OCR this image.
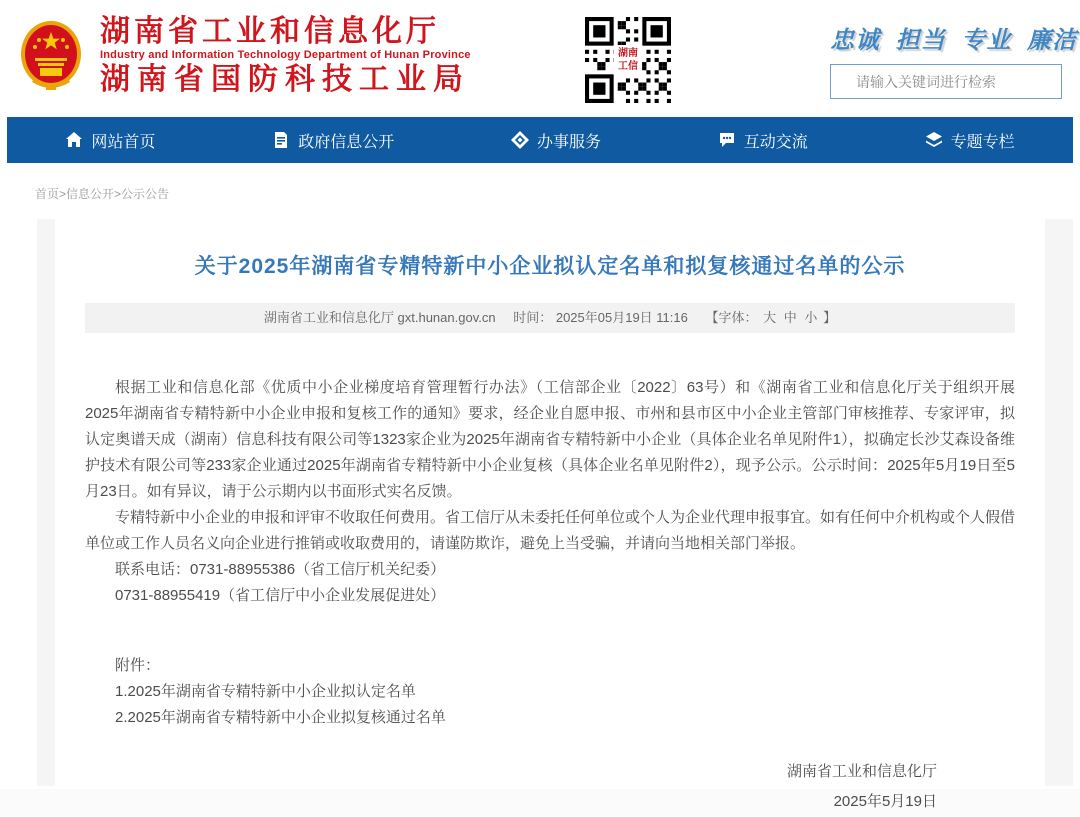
湖南省工业和信息化厅
Industry and Information Technology Department of Hunan Province
湖南省国防科技工业局
湖南工信
忠诚 担当 专业 廉洁
请输入关键词进行检索
网站首页	政府信息公开	办事服务	互动交流	专题专栏
首页>信息公开>公示公告
关于2025年湖南省专精特新中小企业拟认定名单和拟复核通过名单的公示
湖南省工业和信息化厅 gxt.hunan.gov.cn 时间： 2025年05月19日 11:16 【字体： 大 中 小 】

根据工业和信息化部《优质中小企业梯度培育管理暂行办法》（工信部企业〔2022〕63号）和《湖南省工业和信息化厅关于组织开展2025年湖南省专精特新中小企业申报和复核工作的通知》要求，经企业自愿申报、市州和县市区中小企业主管部门审核推荐、专家评审，拟认定奥谱天成（湖南）信息科技有限公司等1323家企业为2025年湖南省专精特新中小企业（具体企业名单见附件1），拟确定长沙艾森设备维护技术有限公司等233家企业通过2025年湖南省专精特新中小企业复核（具体企业名单见附件2），现予公示。公示时间：2025年5月19日至5月23日。如有异议，请于公示期内以书面形式实名反馈。

专精特新中小企业的申报和评审不收取任何费用。省工信厅从未委托任何单位或个人为企业代理申报事宜。如有任何中介机构或个人假借单位或工作人员名义向企业进行推销或收取费用的，请谨防欺诈，避免上当受骗，并请向当地相关部门举报。

联系电话：0731-88955386（省工信厅机关纪委）

0731-88955419（省工信厅中小企业发展促进处）

附件：

1.2025年湖南省专精特新中小企业拟认定名单

2.2025年湖南省专精特新中小企业拟复核通过名单

湖南省工业和信息化厅

2025年5月19日
